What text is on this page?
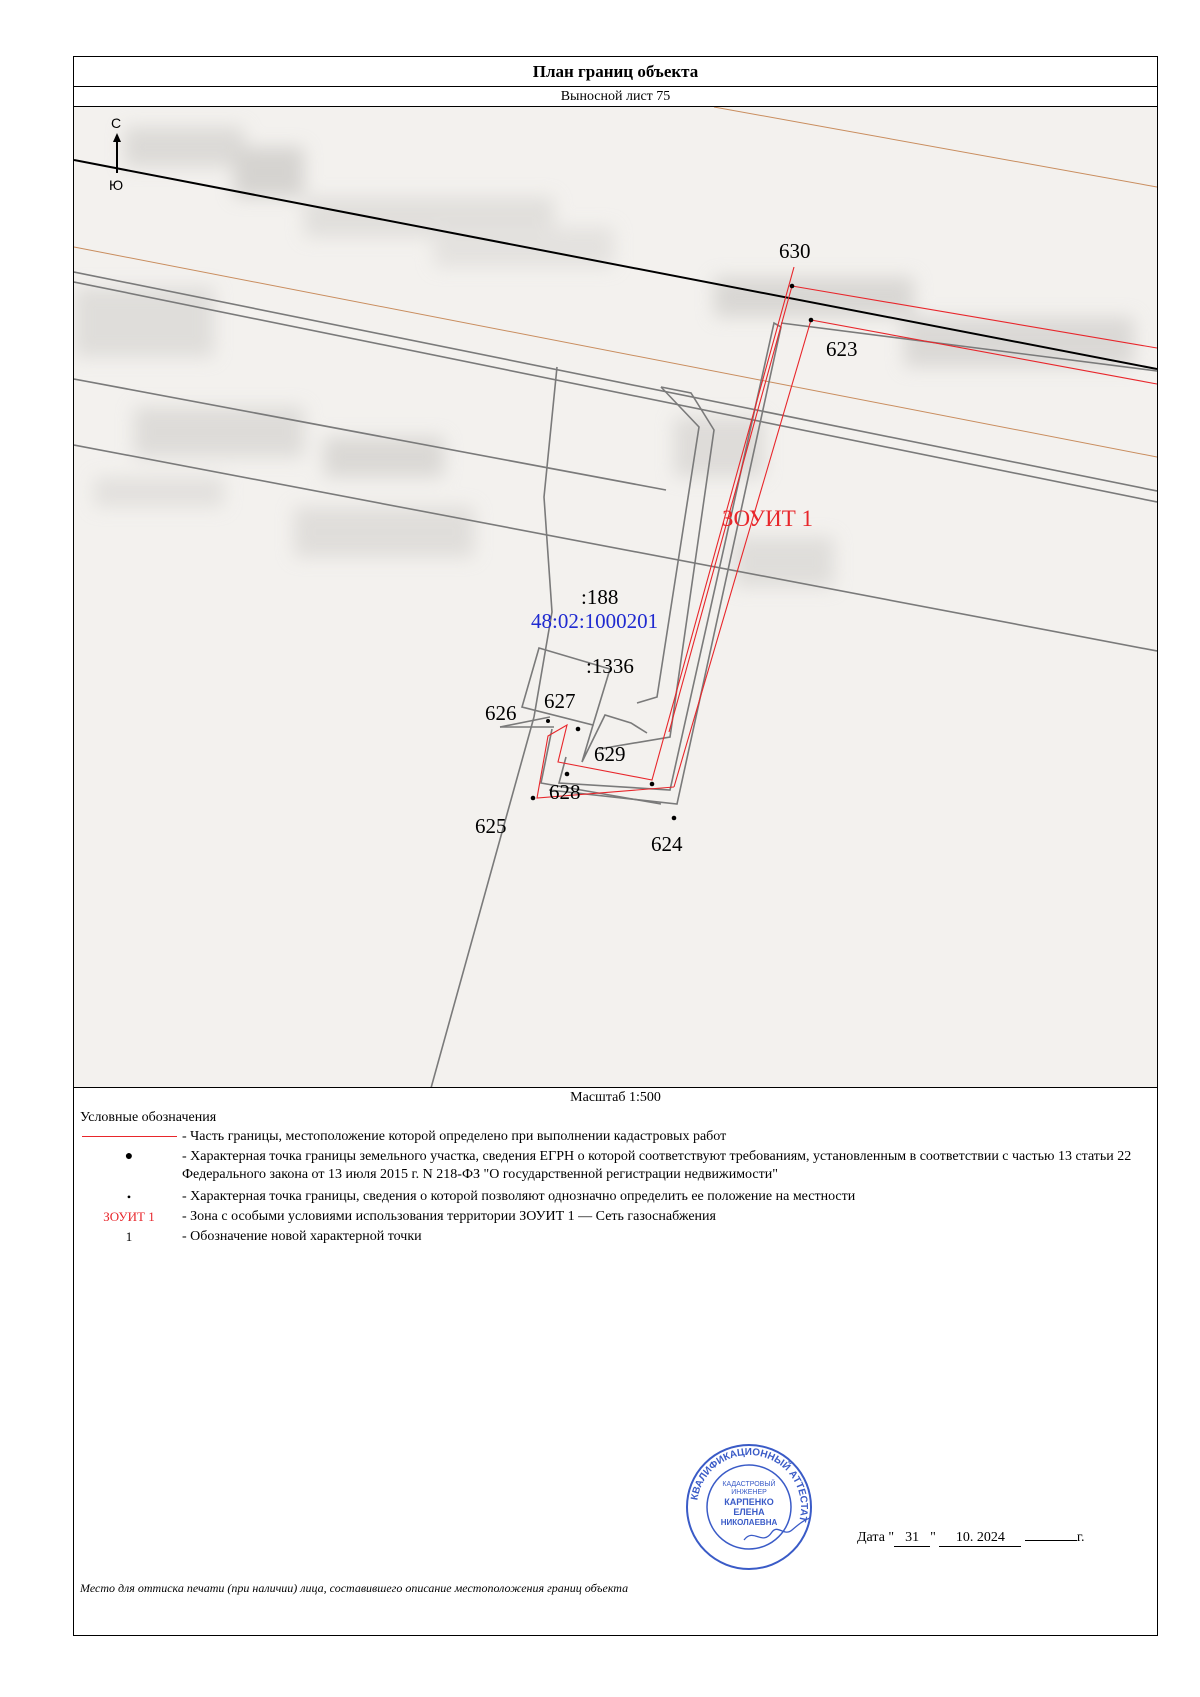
План границ объекта
Выносной лист 75
С
Ю
630
623
627
626
629
628
625
624
ЗОУИТ 1
:188
48:02:1000201
:1336
Масштаб 1:500
Условные обозначения
- Часть границы, местоположение которой определено при выполнении кадастровых работ
●	- Характерная точка границы земельного участка, сведения ЕГРН о которой соответствуют требованиям, установленным в соответствии с частью 13 статьи 22 Федерального закона от 13 июля 2015 г. N 218-ФЗ "О государственной регистрации недвижимости"
•	- Характерная точка границы, сведения о которой позволяют однозначно определить ее положение на местности
ЗОУИТ 1	- Зона с особыми условиями использования территории ЗОУИТ 1 — Сеть газоснабжения
1	- Обозначение новой характерной точки
КВАЛИФИКАЦИОННЫЙ АТТЕСТАТ
КАДАСТРОВЫЙ
ИНЖЕНЕР
КАРПЕНКО
ЕЛЕНА
НИКОЛАЕВНА
Дата " 31 " 10. 2024	г.
Место для оттиска печати (при наличии) лица, составившего описание местоположения границ объекта
